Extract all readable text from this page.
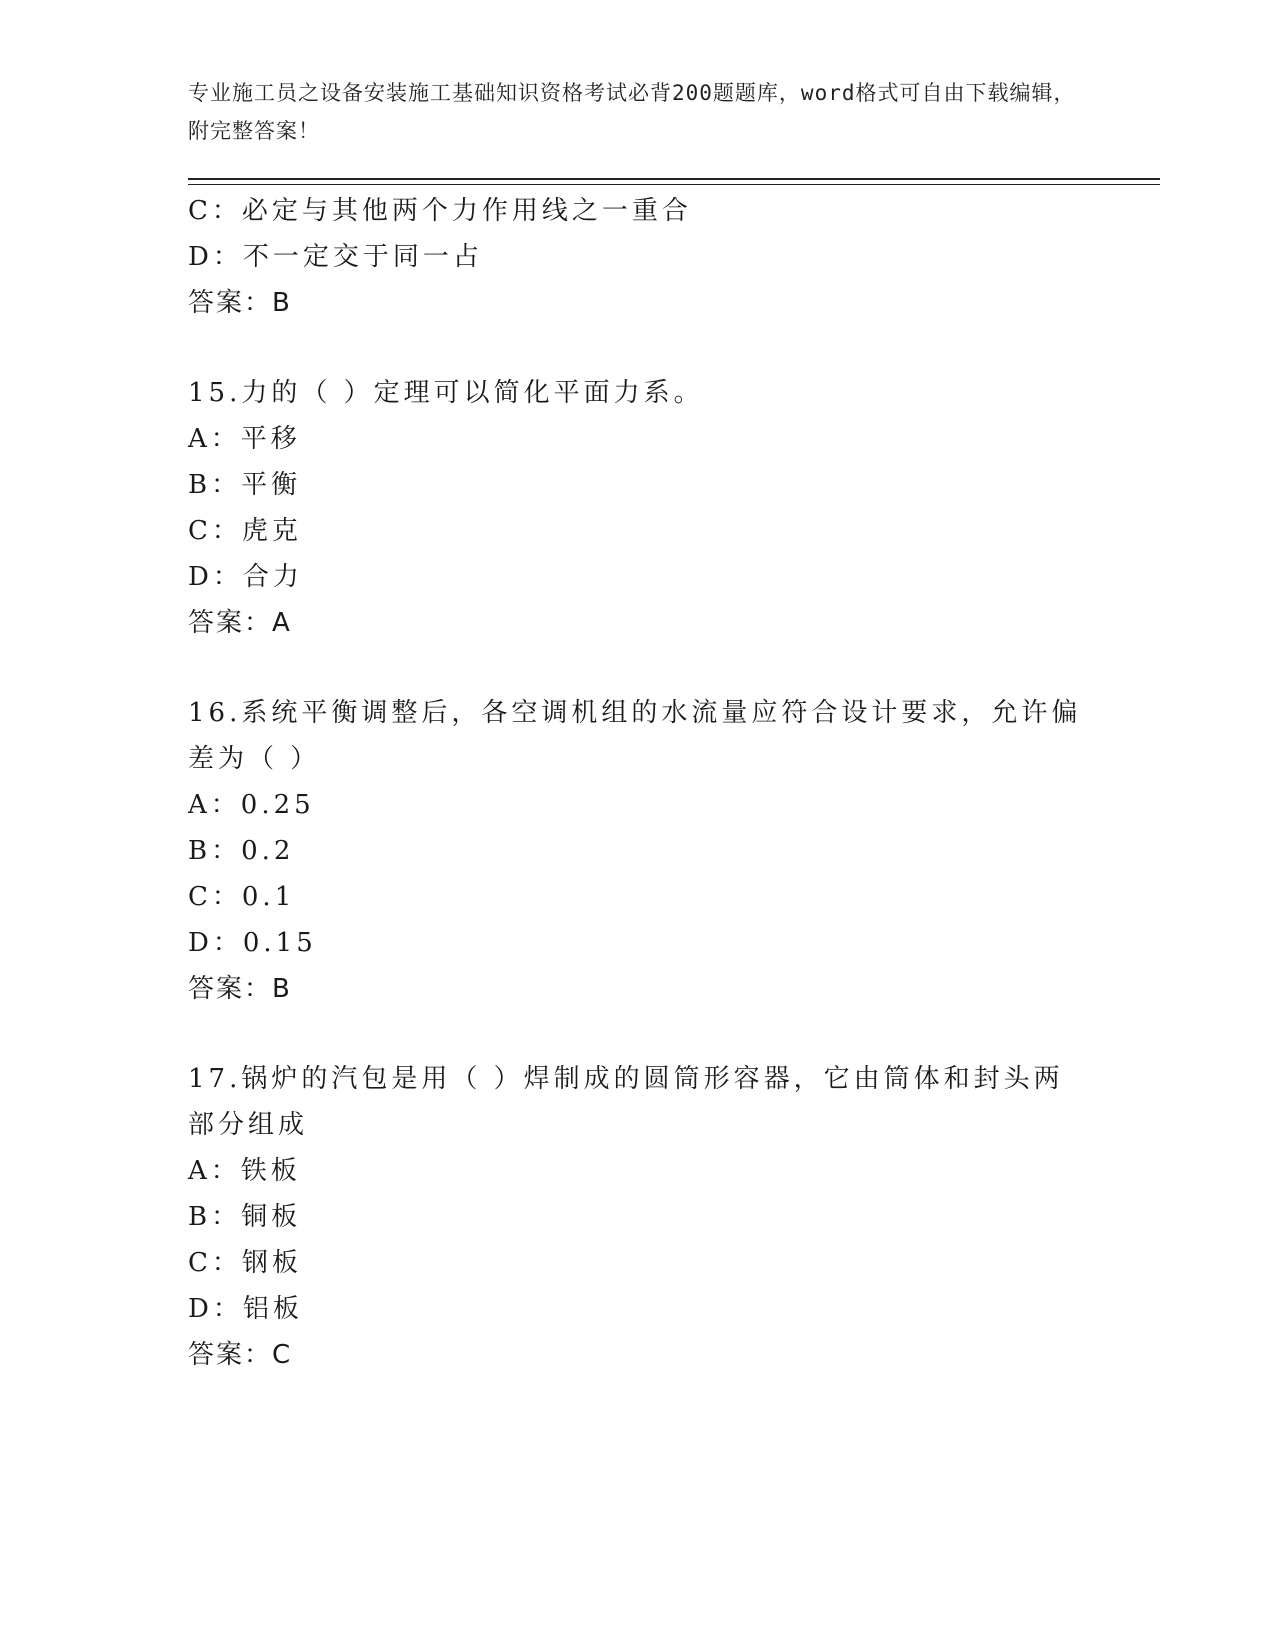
专业施工员之设备安装施工基础知识资格考试必背200题题库，word格式可自由下载编辑，附完整答案！
C：必定与其他两个力作用线之一重合
D：不一定交于同一占
答案：B
15.力的（ ）定理可以简化平面力系。
A：平移
B：平衡
C：虎克
D：合力
答案：A
16.系统平衡调整后，各空调机组的水流量应符合设计要求，允许偏差为（ ）
A：0.25
B：0.2
C：0.1
D：0.15
答案：B
17.锅炉的汽包是用（ ）焊制成的圆筒形容器，它由筒体和封头两部分组成
A：铁板
B：铜板
C：钢板
D：铝板
答案：C
